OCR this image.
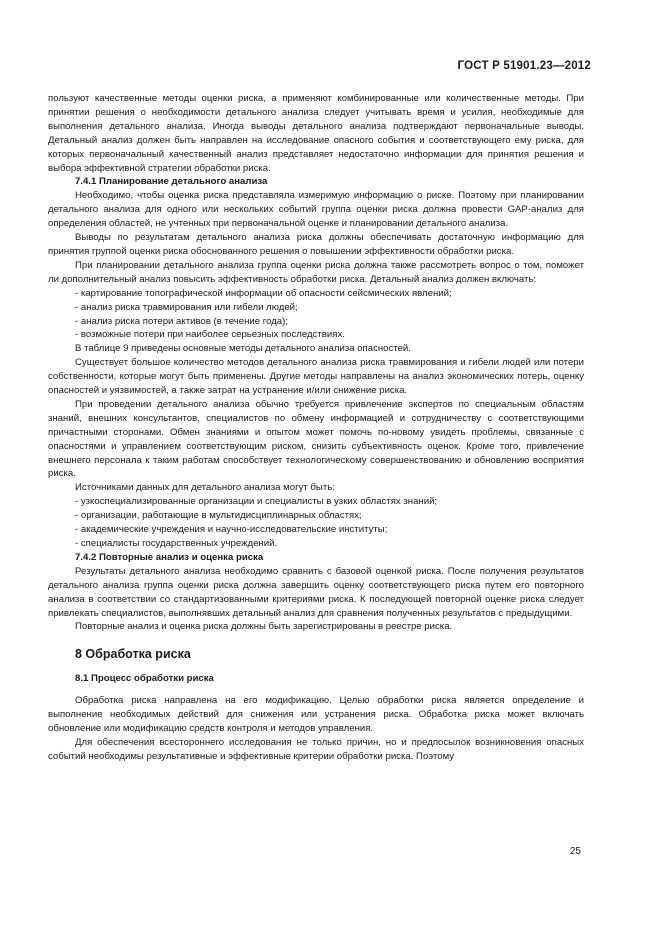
ГОСТ Р 51901.23—2012

пользуют качественные методы оценки риска, а применяют комбинированные или количественные методы. При принятии решения о необходимости детального анализа следует учитывать время и усилия, необходимые для выполнения детального анализа. Иногда выводы детального анализа подтверждают первоначальные выводы. Детальный анализ должен быть направлен на исследование опасного события и соответствующего ему риска, для которых первоначальный качественный анализ представляет недостаточно информации для принятия решения и выбора эффективной стратегии обработки риска.

7.4.1 Планирование детального анализа

Необходимо, чтобы оценка риска представляла измеримую информацию о риске. Поэтому при планировании детального анализа для одного или нескольких событий группа оценки риска должна провести GAP-анализ для определения областей, не учтенных при первоначальной оценке и планировании детального анализа.

Выводы по результатам детального анализа риска должны обеспечивать достаточную информацию для принятия группой оценки риска обоснованного решения о повышении эффективности обработки риска.

При планировании детального анализа группа оценки риска должна также рассмотреть вопрос о том, поможет ли дополнительный анализ повысить эффективность обработки риска. Детальный анализ должен включать:

- картирование топографической информации об опасности сейсмических явлений;

- анализ риска травмирования или гибели людей;

- анализ риска потери активов (в течение года);

- возможные потери при наиболее серьезных последствиях.

В таблице 9 приведены основные методы детального анализа опасностей.

Существует большое количество методов детального анализа риска травмирования и гибели людей или потери собственности, которые могут быть применены. Другие методы направлены на анализ экономических потерь, оценку опасностей и уязвимостей, а также затрат на устранение и/или снижение риска.

При проведении детального анализа обычно требуется привлечение экспертов по специальным областям знаний, внешних консультантов, специалистов по обмену информацией и сотрудничеству с соответствующими причастными сторонами. Обмен знаниями и опытом может помочь по-новому увидеть проблемы, связанные с опасностями и управлением соответствующим риском, снизить субъективность оценок. Кроме того, привлечение внешнего персонала к таким работам способствует технологическому совершенствованию и обновлению восприятия риска.

Источниками данных для детального анализа могут быть:

- узкоспециализированные организации и специалисты в узких областях знаний;

- организации, работающие в мультидисциплинарных областях;

- академические учреждения и научно-исследовательские институты;

- специалисты государственных учреждений.

7.4.2 Повторные анализ и оценка риска

Результаты детального анализа необходимо сравнить с базовой оценкой риска. После получения результатов детального анализа группа оценки риска должна завершить оценку соответствующего риска путем его повторного анализа в соответствии со стандартизованными критериями риска. К последующей повторной оценке риска следует привлекать специалистов, выполнявших детальный анализ для сравнения полученных результатов с предыдущими.

Повторные анализ и оценка риска должны быть зарегистрированы в реестре риска.

8 Обработка риска

8.1 Процесс обработки риска

Обработка риска направлена на его модификацию. Целью обработки риска является определение и выполнение необходимых действий для снижения или устранения риска. Обработка риска может включать обновление или модификацию средств контроля и методов управления.

Для обеспечения всестороннего исследования не только причин, но и предпосылок возникновения опасных событий необходимы результативные и эффективные критерии обработки риска. Поэтому

25
